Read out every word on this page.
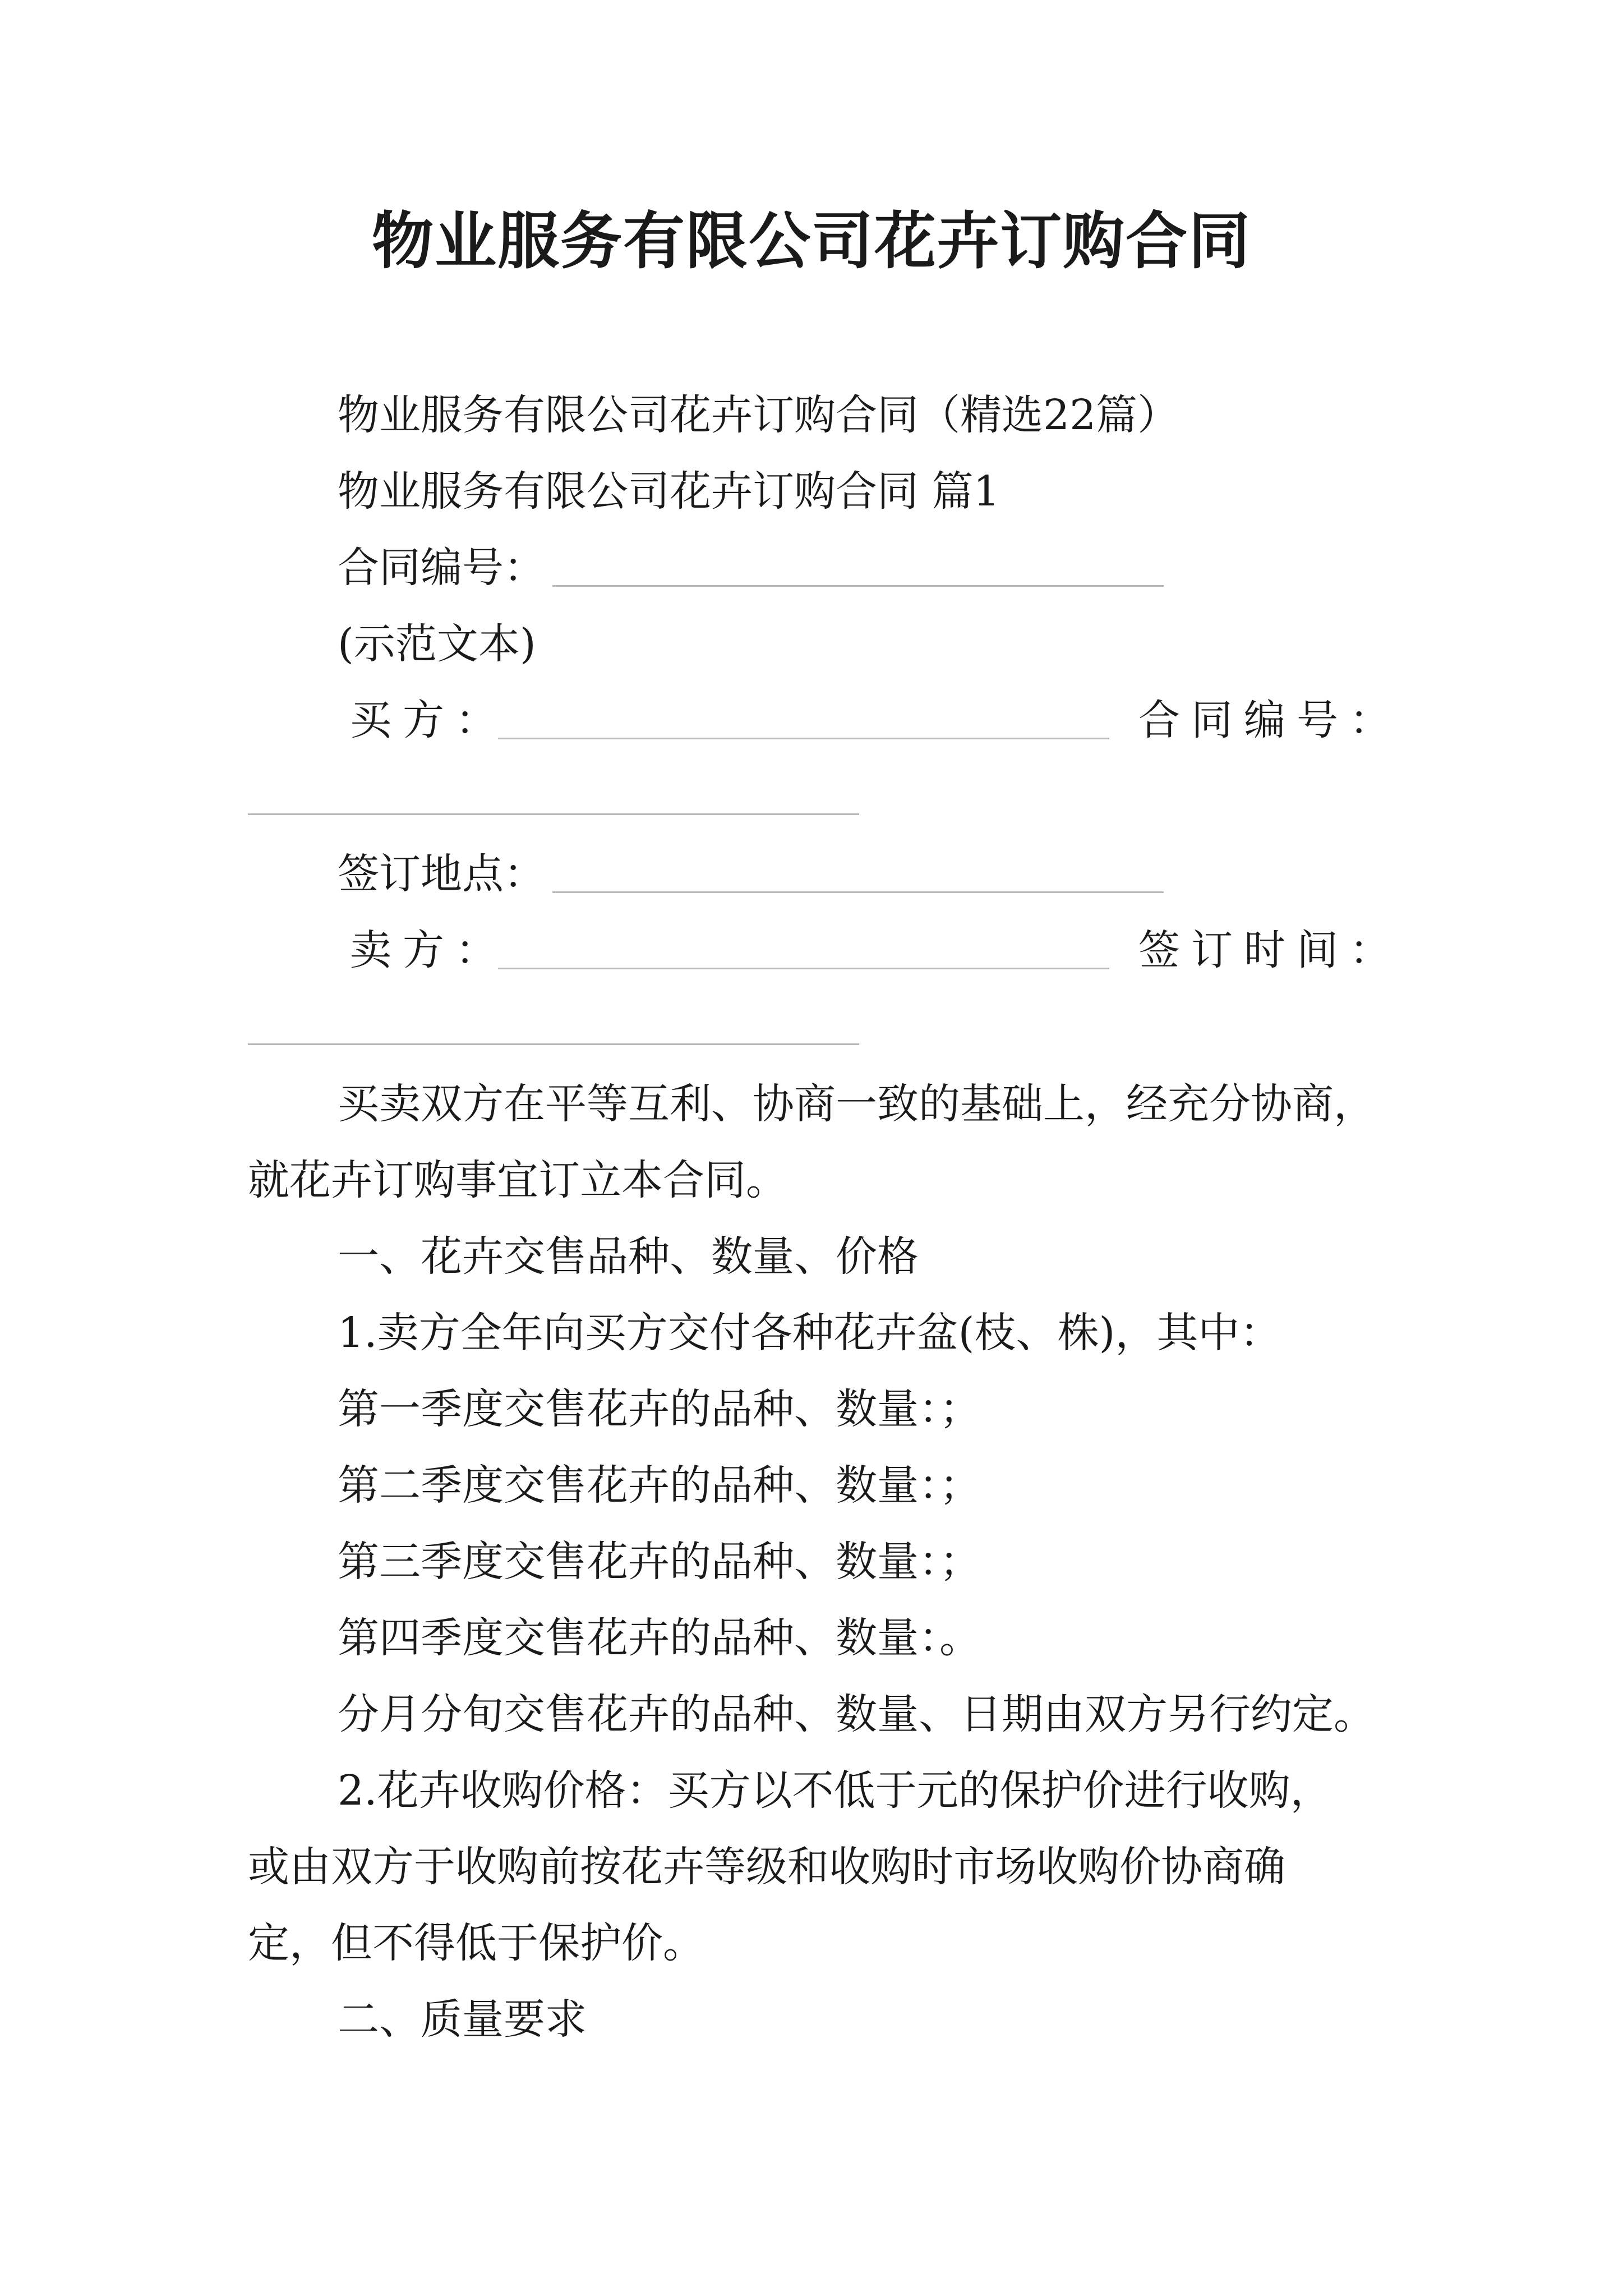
物业服务有限公司花卉订购合同
物业服务有限公司花卉订购合同（精选22篇）
物业服务有限公司花卉订购合同 篇1
合同编号：
(示范文本)
买方：	合同编号：
签订地点：
卖方：	签订时间：
买卖双方在平等互利、协商一致的基础上，经充分协商，
就花卉订购事宜订立本合同。
一、花卉交售品种、数量、价格
1.卖方全年向买方交付各种花卉盆(枝、株)，其中：
第一季度交售花卉的品种、数量：；
第二季度交售花卉的品种、数量：；
第三季度交售花卉的品种、数量：；
第四季度交售花卉的品种、数量：。
分月分旬交售花卉的品种、数量、日期由双方另行约定。
2.花卉收购价格：买方以不低于元的保护价进行收购，
或由双方于收购前按花卉等级和收购时市场收购价协商确
定，但不得低于保护价。
二、质量要求
